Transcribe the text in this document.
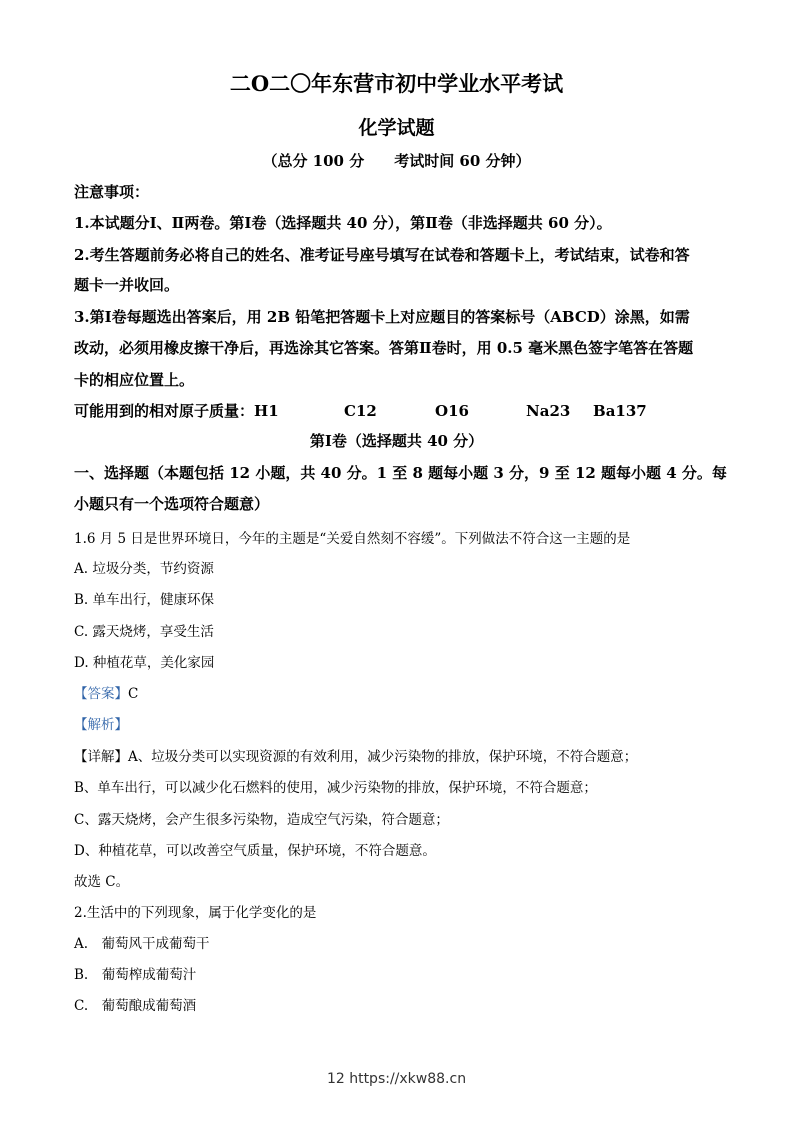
二O二〇年东营市初中学业水平考试
化学试题
（总分 100 分　　考试时间 60 分钟）
注意事项：
1.本试题分Ⅰ、Ⅱ两卷。第Ⅰ卷（选择题共 40 分），第Ⅱ卷（非选择题共 60 分）。
2.考生答题前务必将自己的姓名、准考证号座号填写在试卷和答题卡上，考试结束，试卷和答
题卡一并收回。
3.第Ⅰ卷每题选出答案后，用 2B 铅笔把答题卡上对应题目的答案标号（ABCD）涂黑，如需
改动，必须用橡皮擦干净后，再选涂其它答案。答第Ⅱ卷时，用 0.5 毫米黑色签字笔答在答题
卡的相应位置上。
可能用到的相对原子质量： H1	C12	O16	Na23	Ba137
第Ⅰ卷（选择题共 40 分）
一、选择题（本题包括 12 小题，共 40 分。1 至 8 题每小题 3 分，9 至 12 题每小题 4 分。每
小题只有一个选项符合题意）
1.6 月 5 日是世界环境日，今年的主题是“关爱自然刻不容缓”。下列做法不符合这一主题的是
A. 垃圾分类，节约资源
B. 单车出行，健康环保
C. 露天烧烤，享受生活
D. 种植花草，美化家园
【答案】C
【解析】
【详解】A、垃圾分类可以实现资源的有效利用，减少污染物的排放，保护环境，不符合题意；
B、单车出行，可以减少化石燃料的使用，减少污染物的排放，保护环境，不符合题意；
C、露天烧烤，会产生很多污染物，造成空气污染，符合题意；
D、种植花草，可以改善空气质量，保护环境，不符合题意。
故选 C。
2.生活中的下列现象，属于化学变化的是
A.　葡萄风干成葡萄干
B.　葡萄榨成葡萄汁
C.　葡萄酿成葡萄酒
12 https://xkw88.cn
